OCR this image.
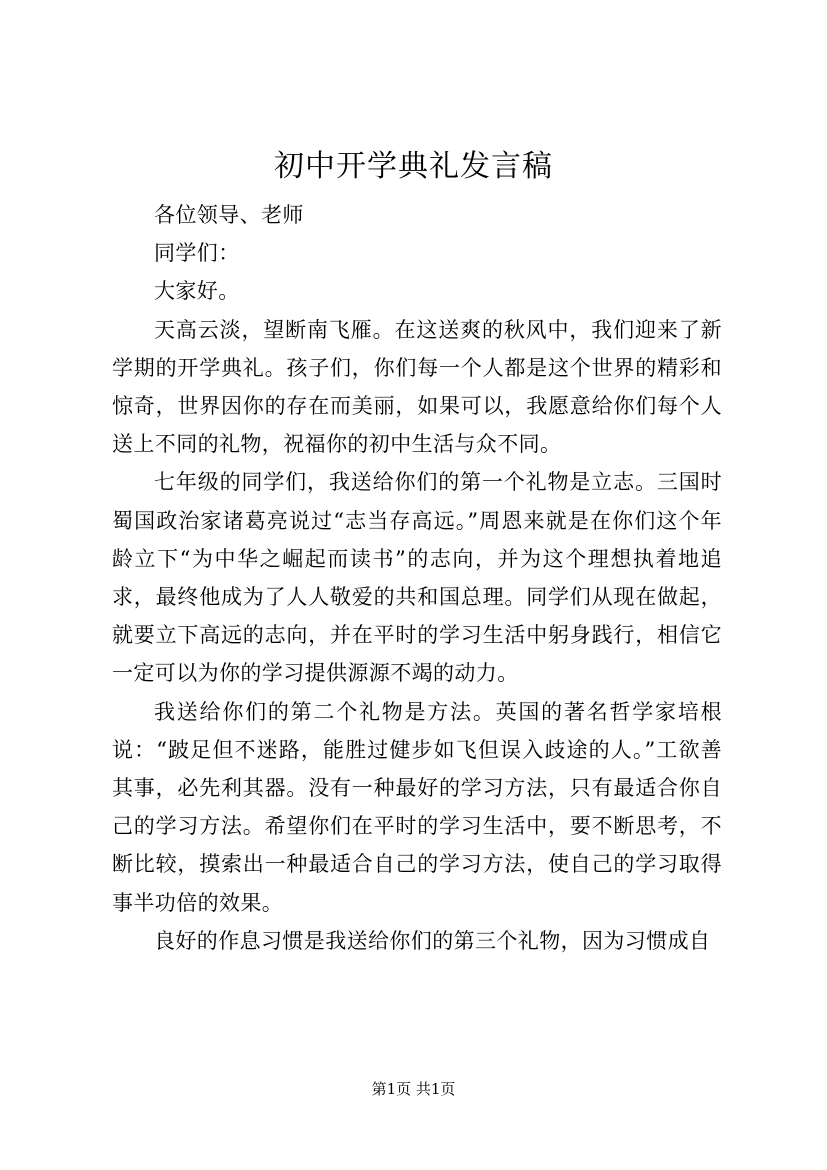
初中开学典礼发言稿

各位领导、老师

同学们：

大家好。

天高云淡，望断南飞雁。在这送爽的秋风中，我们迎来了新学期的开学典礼。孩子们，你们每一个人都是这个世界的精彩和惊奇，世界因你的存在而美丽，如果可以，我愿意给你们每个人送上不同的礼物，祝福你的初中生活与众不同。

七年级的同学们，我送给你们的第一个礼物是立志。三国时蜀国政治家诸葛亮说过“志当存高远。”周恩来就是在你们这个年龄立下“为中华之崛起而读书”的志向，并为这个理想执着地追求，最终他成为了人人敬爱的共和国总理。同学们从现在做起，就要立下高远的志向，并在平时的学习生活中躬身践行，相信它一定可以为你的学习提供源源不竭的动力。

我送给你们的第二个礼物是方法。英国的著名哲学家培根说：“跛足但不迷路，能胜过健步如飞但误入歧途的人。”工欲善其事，必先利其器。没有一种最好的学习方法，只有最适合你自己的学习方法。希望你们在平时的学习生活中，要不断思考，不断比较，摸索出一种最适合自己的学习方法，使自己的学习取得事半功倍的效果。

良好的作息习惯是我送给你们的第三个礼物，因为习惯成自

第1页 共1页
